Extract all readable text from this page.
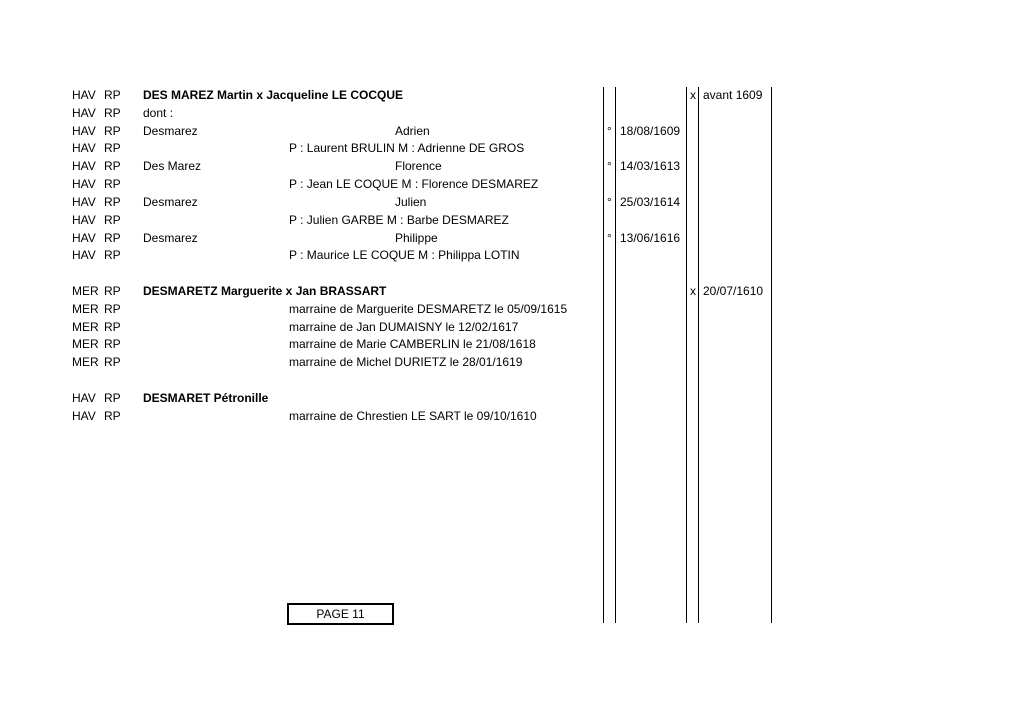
HAV RP DES MAREZ Martin x Jacqueline LE COCQUE	x avant 1609
HAV RP dont :
HAV RP Desmarez	Adrien	° 18/08/1609
HAV RP	P : Laurent BRULIN M : Adrienne DE GROS
HAV RP Des Marez	Florence	° 14/03/1613
HAV RP	P : Jean LE COQUE M : Florence DESMAREZ
HAV RP Desmarez	Julien	° 25/03/1614
HAV RP	P : Julien GARBE M : Barbe DESMAREZ
HAV RP Desmarez	Philippe	° 13/06/1616
HAV RP	P : Maurice LE COQUE M : Philippa LOTIN
MER RP DESMARETZ Marguerite x Jan BRASSART	x 20/07/1610
MER RP	marraine de Marguerite DESMARETZ le 05/09/1615
MER RP	marraine de Jan DUMAISNY le 12/02/1617
MER RP	marraine de Marie CAMBERLIN le 21/08/1618
MER RP	marraine de Michel DURIETZ le 28/01/1619
HAV RP DESMARET Pétronille
HAV RP	marraine de Chrestien LE SART le 09/10/1610
PAGE 11
